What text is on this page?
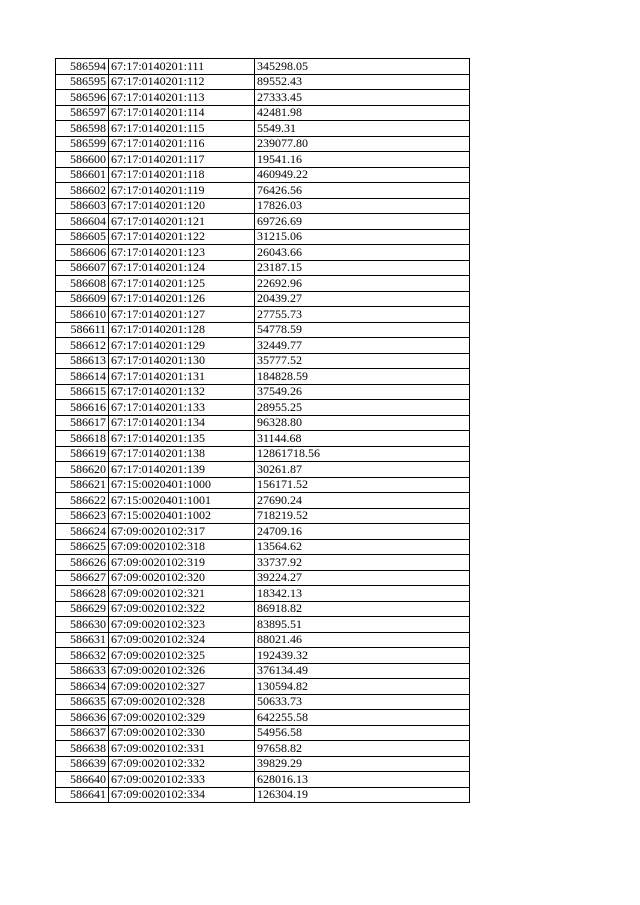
586594	67:17:0140201:111	345298.05
586595	67:17:0140201:112	89552.43
586596	67:17:0140201:113	27333.45
586597	67:17:0140201:114	42481.98
586598	67:17:0140201:115	5549.31
586599	67:17:0140201:116	239077.80
586600	67:17:0140201:117	19541.16
586601	67:17:0140201:118	460949.22
586602	67:17:0140201:119	76426.56
586603	67:17:0140201:120	17826.03
586604	67:17:0140201:121	69726.69
586605	67:17:0140201:122	31215.06
586606	67:17:0140201:123	26043.66
586607	67:17:0140201:124	23187.15
586608	67:17:0140201:125	22692.96
586609	67:17:0140201:126	20439.27
586610	67:17:0140201:127	27755.73
586611	67:17:0140201:128	54778.59
586612	67:17:0140201:129	32449.77
586613	67:17:0140201:130	35777.52
586614	67:17:0140201:131	184828.59
586615	67:17:0140201:132	37549.26
586616	67:17:0140201:133	28955.25
586617	67:17:0140201:134	96328.80
586618	67:17:0140201:135	31144.68
586619	67:17:0140201:138	12861718.56
586620	67:17:0140201:139	30261.87
586621	67:15:0020401:1000	156171.52
586622	67:15:0020401:1001	27690.24
586623	67:15:0020401:1002	718219.52
586624	67:09:0020102:317	24709.16
586625	67:09:0020102:318	13564.62
586626	67:09:0020102:319	33737.92
586627	67:09:0020102:320	39224.27
586628	67:09:0020102:321	18342.13
586629	67:09:0020102:322	86918.82
586630	67:09:0020102:323	83895.51
586631	67:09:0020102:324	88021.46
586632	67:09:0020102:325	192439.32
586633	67:09:0020102:326	376134.49
586634	67:09:0020102:327	130594.82
586635	67:09:0020102:328	50633.73
586636	67:09:0020102:329	642255.58
586637	67:09:0020102:330	54956.58
586638	67:09:0020102:331	97658.82
586639	67:09:0020102:332	39829.29
586640	67:09:0020102:333	628016.13
586641	67:09:0020102:334	126304.19
